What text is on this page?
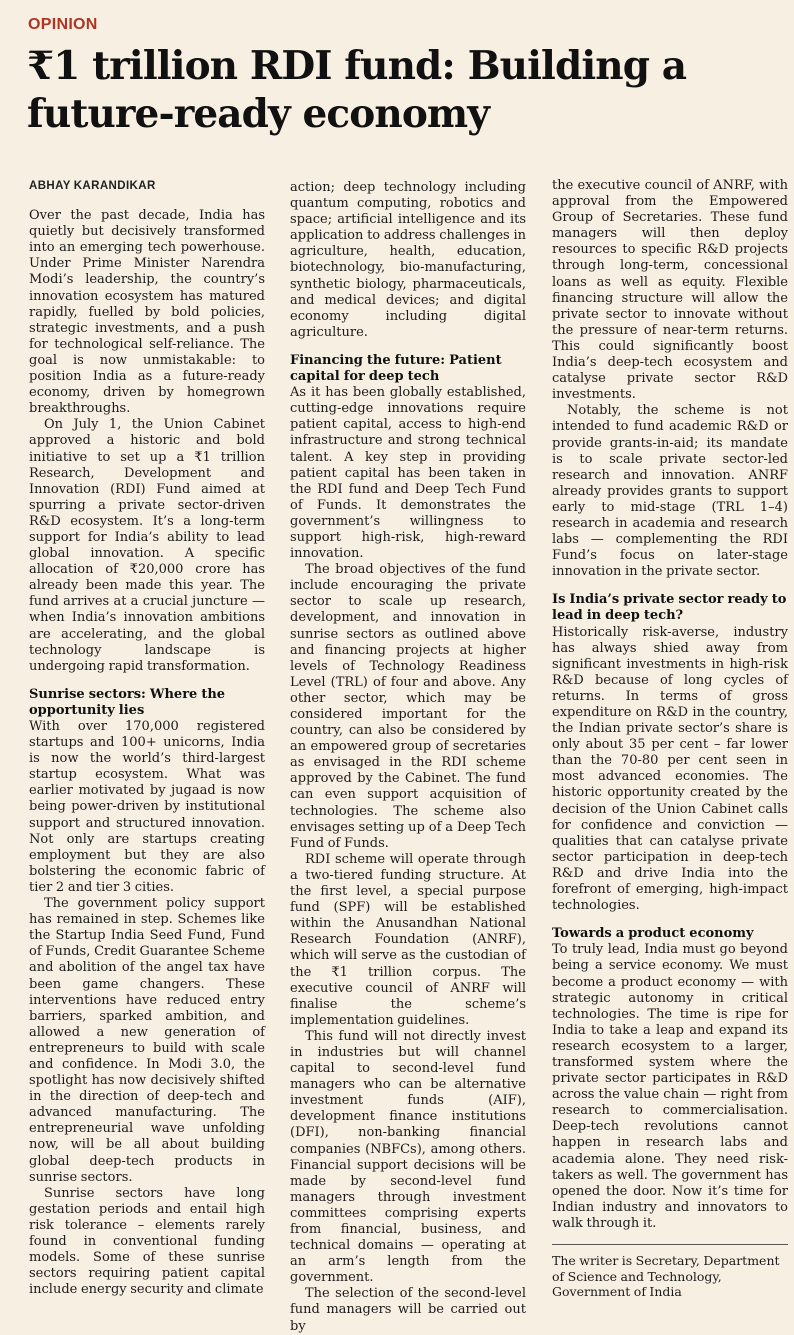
OPINION
₹1 trillion RDI fund: Building a future-ready economy
ABHAY KARANDIKAR

Over the past decade, India has quietly but decisively transformed into an emerging tech powerhouse. Under Prime Minister Narendra Modi’s leadership, the country’s innovation ecosystem has matured rapidly, fuelled by bold policies, strategic investments, and a push for technological self-reliance. The goal is now unmistakable: to position India as a future-ready economy, driven by homegrown breakthroughs.

On July 1, the Union Cabinet approved a historic and bold initiative to set up a ₹1 trillion Research, Development and Innovation (RDI) Fund aimed at spurring a private sector-driven R&D ecosystem. It’s a long-term support for India’s ability to lead global innovation. A specific allocation of ₹20,000 crore has already been made this year. The fund arrives at a crucial juncture — when India’s innovation ambitions are accelerating, and the global technology landscape is undergoing rapid transformation.

Sunrise sectors: Where the opportunity lies

With over 170,000 registered startups and 100+ unicorns, India is now the world’s third-largest startup ecosystem. What was earlier motivated by jugaad is now being power-driven by institutional support and structured innovation. Not only are startups creating employment but they are also bolstering the economic fabric of tier 2 and tier 3 cities.

The government policy support has remained in step. Schemes like the Startup India Seed Fund, Fund of Funds, Credit Guarantee Scheme and abolition of the angel tax have been game changers. These interventions have reduced entry barriers, sparked ambition, and allowed a new generation of entrepreneurs to build with scale and confidence. In Modi 3.0, the spotlight has now decisively shifted in the direction of deep-tech and advanced manufacturing. The entrepreneurial wave unfolding now, will be all about building global deep-tech products in sunrise sectors.

Sunrise sectors have long gestation periods and entail high risk tolerance – elements rarely found in conventional funding models. Some of these sunrise sectors requiring patient capital include energy security and climate

action; deep technology including quantum computing, robotics and space; artificial intelligence and its application to address challenges in agriculture, health, education, biotechnology, bio-manufacturing, synthetic biology, pharmaceuticals, and medical devices; and digital economy including digital agriculture.

Financing the future: Patient capital for deep tech

As it has been globally established, cutting-edge innovations require patient capital, access to high-end infrastructure and strong technical talent. A key step in providing patient capital has been taken in the RDI fund and Deep Tech Fund of Funds. It demonstrates the government’s willingness to support high-risk, high-reward innovation.

The broad objectives of the fund include encouraging the private sector to scale up research, development, and innovation in sunrise sectors as outlined above and financing projects at higher levels of Technology Readiness Level (TRL) of four and above. Any other sector, which may be considered important for the country, can also be considered by an empowered group of secretaries as envisaged in the RDI scheme approved by the Cabinet. The fund can even support acquisition of technologies. The scheme also envisages setting up of a Deep Tech Fund of Funds.

RDI scheme will operate through a two-tiered funding structure. At the first level, a special purpose fund (SPF) will be established within the Anusandhan National Research Foundation (ANRF), which will serve as the custodian of the ₹1 trillion corpus. The executive council of ANRF will finalise the scheme’s implementation guidelines.

This fund will not directly invest in industries but will channel capital to second-level fund managers who can be alternative investment funds (AIF), development finance institutions (DFI), non-banking financial companies (NBFCs), among others. Financial support decisions will be made by second-level fund managers through investment committees comprising experts from financial, business, and technical domains — operating at an arm’s length from the government.

The selection of the second-level fund managers will be carried out by

the executive council of ANRF, with approval from the Empowered Group of Secretaries. These fund managers will then deploy resources to specific R&D projects through long-term, concessional loans as well as equity. Flexible financing structure will allow the private sector to innovate without the pressure of near-term returns. This could significantly boost India’s deep-tech ecosystem and catalyse private sector R&D investments.

Notably, the scheme is not intended to fund academic R&D or provide grants-in-aid; its mandate is to scale private sector-led research and innovation. ANRF already provides grants to support early to mid-stage (TRL 1–4) research in academia and research labs — complementing the RDI Fund’s focus on later-stage innovation in the private sector.

Is India’s private sector ready to lead in deep tech?

Historically risk-averse, industry has always shied away from significant investments in high-risk R&D because of long cycles of returns. In terms of gross expenditure on R&D in the country, the Indian private sector’s share is only about 35 per cent – far lower than the 70-80 per cent seen in most advanced economies. The historic opportunity created by the decision of the Union Cabinet calls for confidence and conviction — qualities that can catalyse private sector participation in deep-tech R&D and drive India into the forefront of emerging, high-impact technologies.

Towards a product economy

To truly lead, India must go beyond being a service economy. We must become a product economy — with strategic autonomy in critical technologies. The time is ripe for India to take a leap and expand its research ecosystem to a larger, transformed system where the private sector participates in R&D across the value chain — right from research to commercialisation. Deep-tech revolutions cannot happen in research labs and academia alone. They need risk-takers as well. The government has opened the door. Now it’s time for Indian industry and innovators to walk through it.

The writer is Secretary, Department of Science and Technology, Government of India
